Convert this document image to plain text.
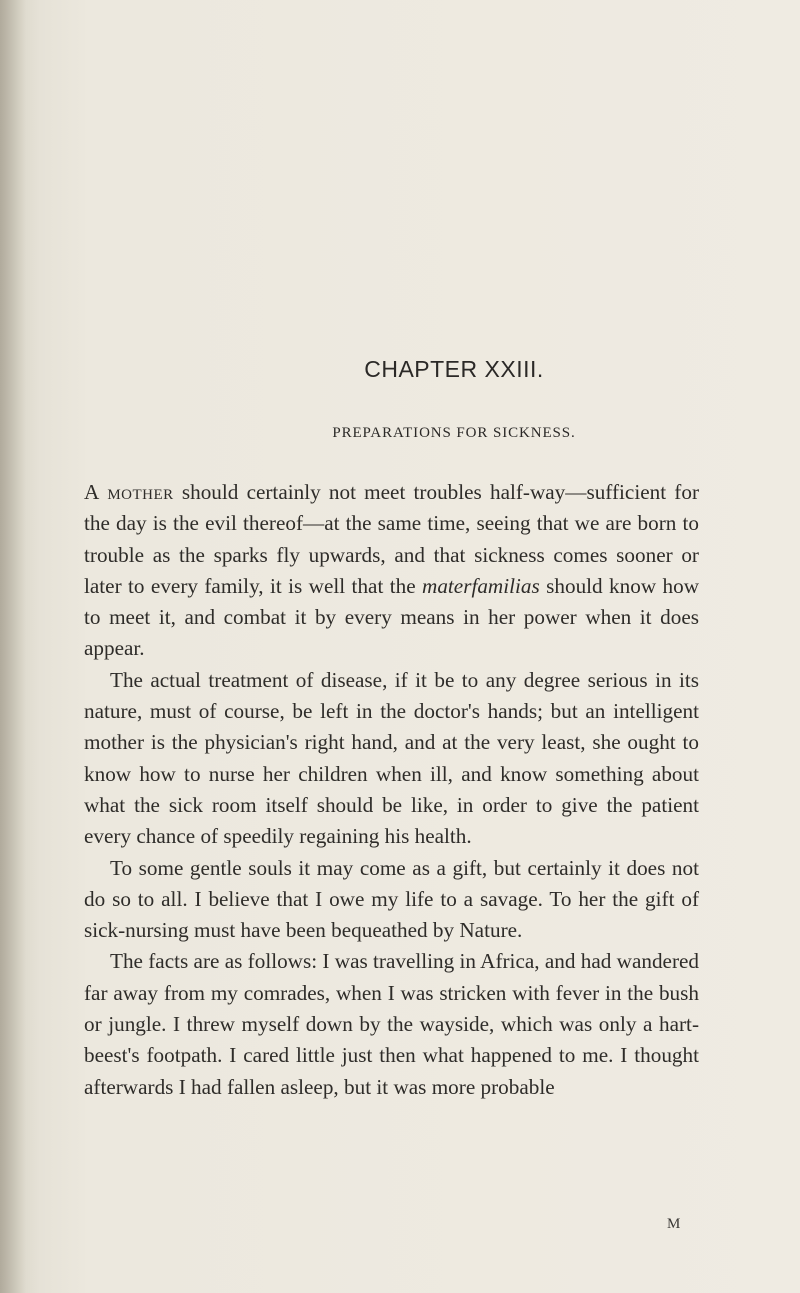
CHAPTER XXIII.
PREPARATIONS FOR SICKNESS.

A mother should certainly not meet troubles half-way—sufficient for the day is the evil thereof—at the same time, seeing that we are born to trouble as the sparks fly upwards, and that sickness comes sooner or later to every family, it is well that the materfamilias should know how to meet it, and combat it by every means in her power when it does appear.

The actual treatment of disease, if it be to any degree serious in its nature, must of course, be left in the doctor's hands; but an intelligent mother is the physician's right hand, and at the very least, she ought to know how to nurse her children when ill, and know something about what the sick room itself should be like, in order to give the patient every chance of speedily regaining his health.

To some gentle souls it may come as a gift, but certainly it does not do so to all. I believe that I owe my life to a savage. To her the gift of sick-nursing must have been bequeathed by Nature.

The facts are as follows: I was travelling in Africa, and had wandered far away from my comrades, when I was stricken with fever in the bush or jungle. I threw myself down by the wayside, which was only a hart-beest's footpath. I cared little just then what happened to me. I thought afterwards I had fallen asleep, but it was more probable

M
